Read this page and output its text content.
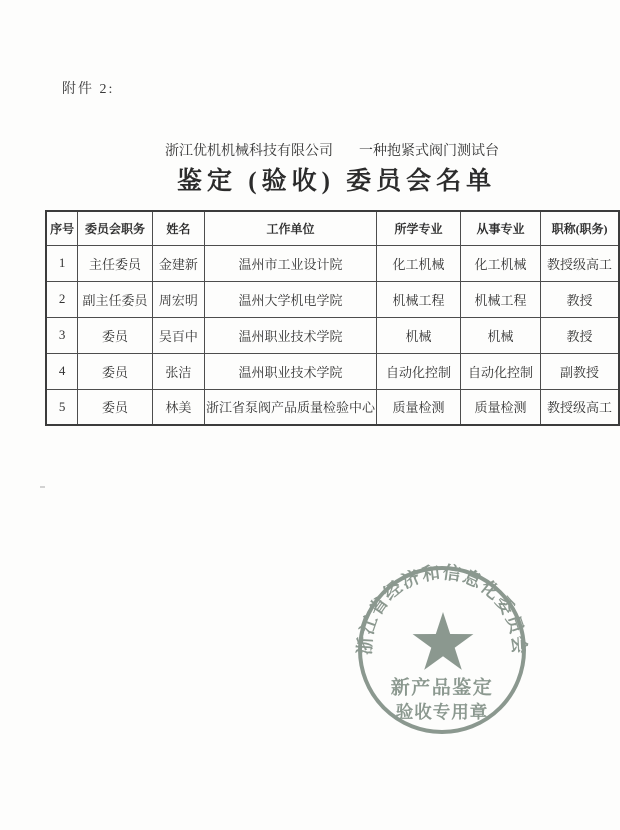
附件 2:
浙江优机机械科技有限公司 一种抱紧式阀门测试台
鉴定 (验收) 委员会名单
序号	委员会职务	姓名	工作单位	所学专业	从事专业	职称(职务)
1	主任委员	金建新	温州市工业设计院	化工机械	化工机械	教授级高工
2	副主任委员	周宏明	温州大学机电学院	机械工程	机械工程	教授
3	委员	吴百中	温州职业技术学院	机械	机械	教授
4	委员	张洁	温州职业技术学院	自动化控制	自动化控制	副教授
5	委员	林美	浙江省泵阀产品质量检验中心	质量检测	质量检测	教授级高工
浙江省经济和信息化委员会
新产品鉴定
验收专用章
